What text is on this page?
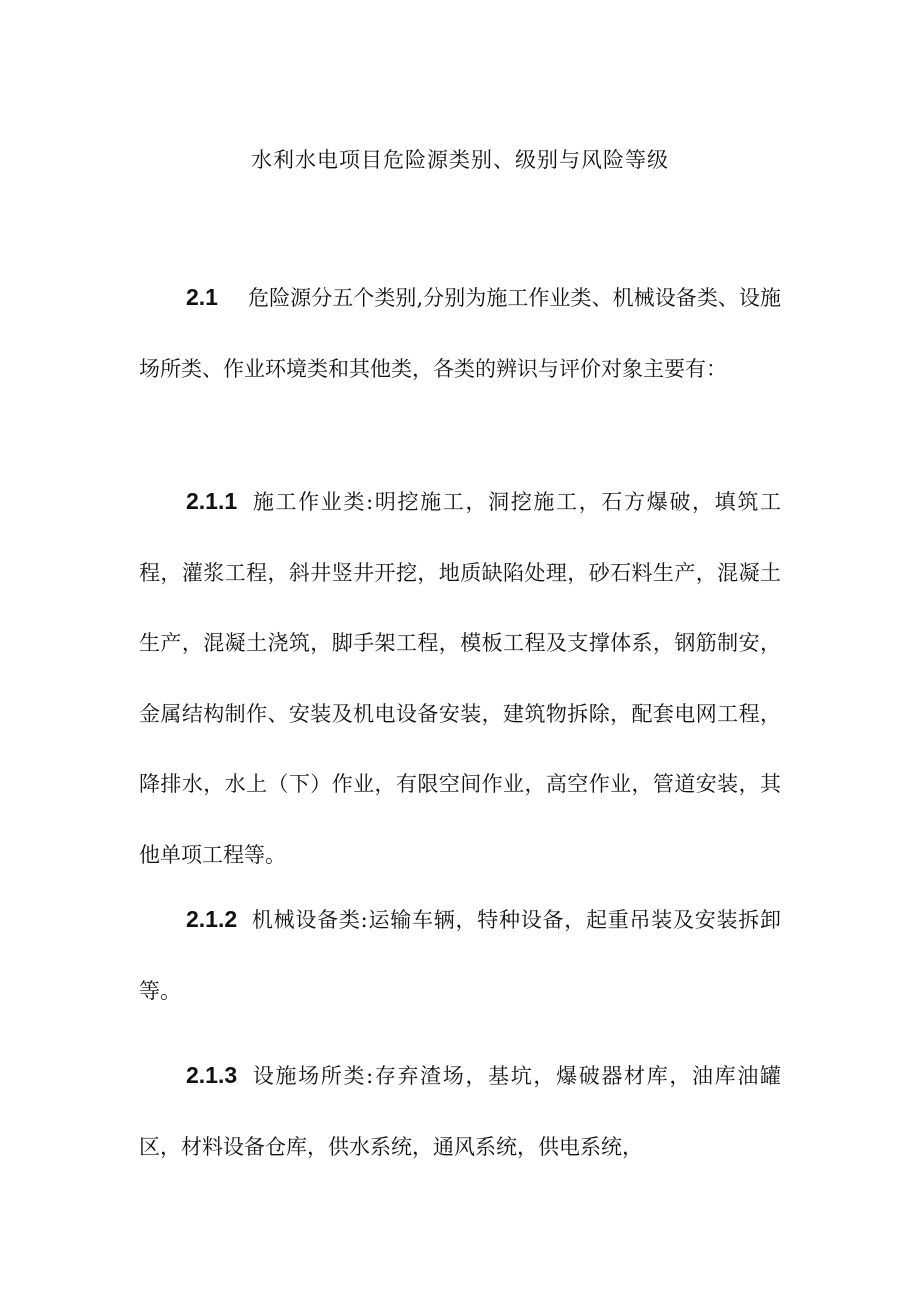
水利水电项目危险源类别、级别与风险等级

2.1 危险源分五个类别,分别为施工作业类、机械设备类、设施场所类、作业环境类和其他类，各类的辨识与评价对象主要有：

2.1.1 施工作业类:明挖施工，洞挖施工，石方爆破，填筑工程，灌浆工程，斜井竖井开挖，地质缺陷处理，砂石料生产，混凝土生产，混凝土浇筑，脚手架工程，模板工程及支撑体系，钢筋制安，金属结构制作、安装及机电设备安装，建筑物拆除，配套电网工程，降排水，水上（下）作业，有限空间作业，高空作业，管道安装，其他单项工程等。

2.1.2 机械设备类:运输车辆，特种设备，起重吊装及安装拆卸等。

2.1.3 设施场所类:存弃渣场，基坑，爆破器材库，油库油罐区，材料设备仓库，供水系统，通风系统，供电系统，
